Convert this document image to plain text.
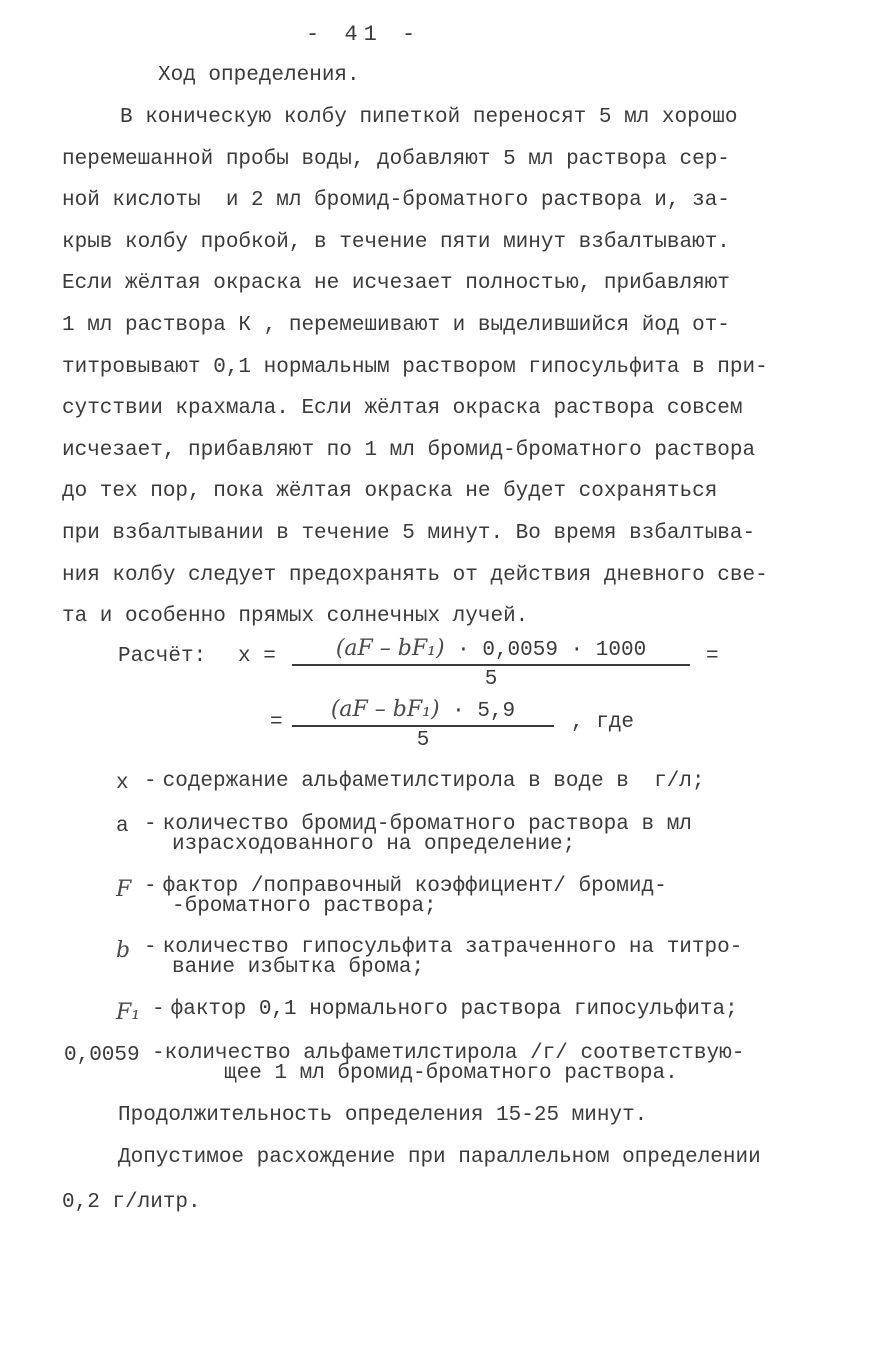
- 41 -
Ход определения.
В коническую колбу пипеткой переносят 5 мл хорошо
перемешанной пробы воды, добавляют 5 мл раствора сер-
ной кислоты  и 2 мл бромид-броматного раствора и, за-
крыв колбу пробкой, в течение пяти минут взбалтывают.
Если жёлтая окраска не исчезает полностью, прибавляют
1 мл раствора К , перемешивают и выделившийся йод от-
титровывают 0,1 нормальным раствором гипосульфита в при-
сутствии крахмала. Если жёлтая окраска раствора совсем
исчезает, прибавляют по 1 мл бромид-броматного раствора
до тех пор, пока жёлтая окраска не будет сохраняться
при взбалтывании в течение 5 минут. Во время взбалтыва-
ния колбу следует предохранять от действия дневного све-
та и особенно прямых солнечных лучей.
Расчёт: x =	(aF – bF₁) · 0,0059 · 1000
5
=
=
(aF – bF₁) · 5,9
5
, где
x - содержание альфаметилстирола в воде в  г/л;
a - количество бромид-броматного раствора в мл
израсходованного на определение;
F - фактор /поправочный коэффициент/ бромид-
-броматного раствора;
b - количество гипосульфита затраченного на титро-
вание избытка брома;
F₁ - фактор 0,1 нормального раствора гипосульфита;
0,0059 -количество альфаметилстирола /г/ соответствую-
щее 1 мл бромид-броматного раствора.
Продолжительность определения 15-25 минут.
Допустимое расхождение при параллельном определении
0,2 г/литр.
